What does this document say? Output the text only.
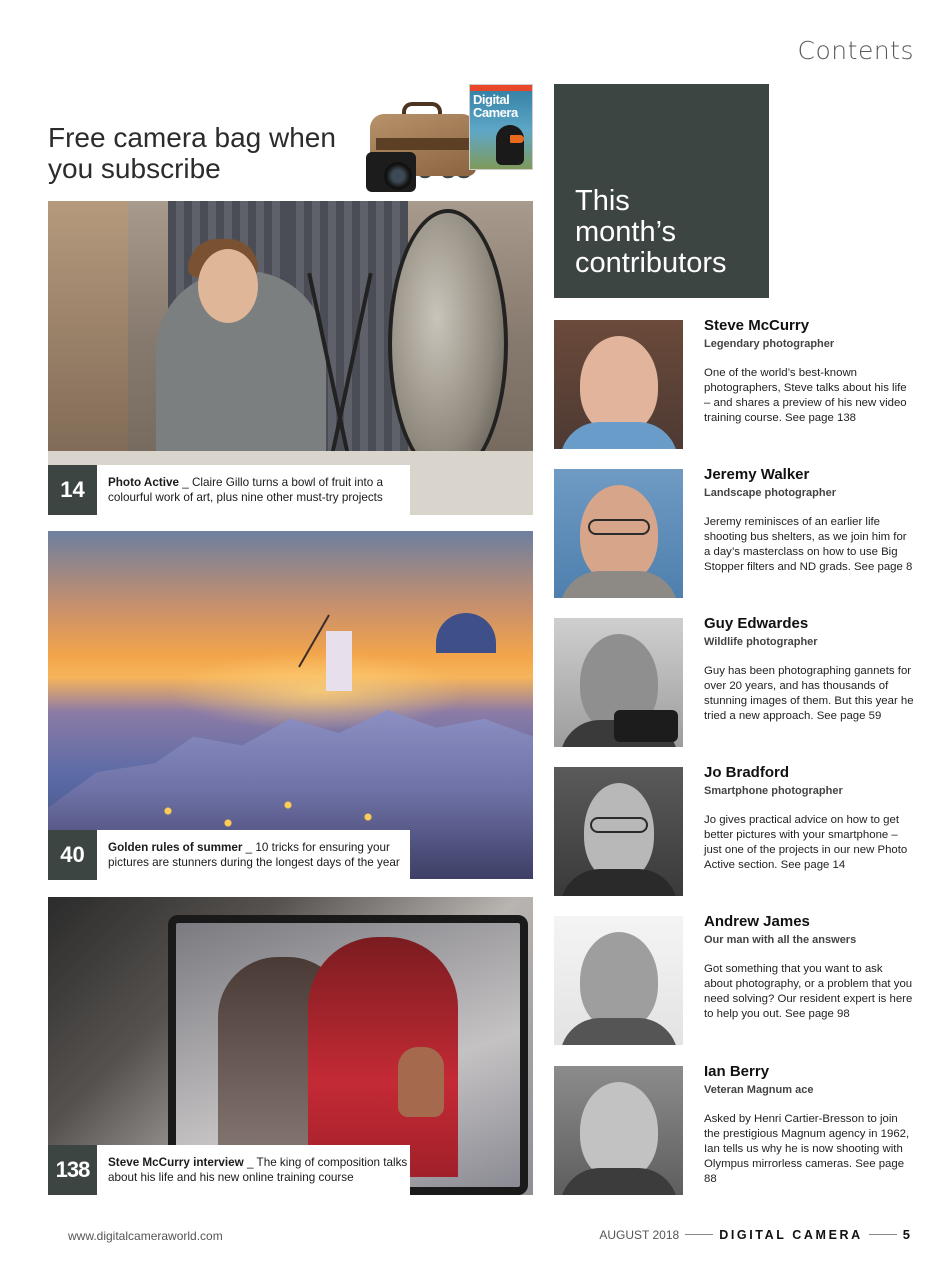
Contents
Free camera bag when you subscribe
Digital Camera
14	Photo Active _ Claire Gillo turns a bowl of fruit into a colourful work of art, plus nine other must-try projects
40	Golden rules of summer _ 10 tricks for ensuring your pictures are stunners during the longest days of the year
138	Steve McCurry interview _ The king of composition talks about his life and his new online training course
This
month’s
contributors
Steve McCurry
Legendary photographer
One of the world’s best-known photographers, Steve talks about his life – and shares a preview of his new video training course. See page 138
Jeremy Walker
Landscape photographer
Jeremy reminisces of an earlier life shooting bus shelters, as we join him for a day’s masterclass on how to use Big Stopper filters and ND grads. See page 8
Guy Edwardes
Wildlife photographer
Guy has been photographing gannets for over 20 years, and has thousands of stunning images of them. But this year he tried a new approach. See page 59
Jo Bradford
Smartphone photographer
Jo gives practical advice on how to get better pictures with your smartphone – just one of the projects in our new Photo Active section. See page 14
Andrew James
Our man with all the answers
Got something that you want to ask about photography, or a problem that you need solving? Our resident expert is here to help you out. See page 98
Ian Berry
Veteran Magnum ace
Asked by Henri Cartier-Bresson to join the prestigious Magnum agency in 1962, Ian tells us why he is now shooting with Olympus mirrorless cameras. See page 88
www.digitalcameraworld.com	AUGUST 2018	DIGITAL CAMERA	5
